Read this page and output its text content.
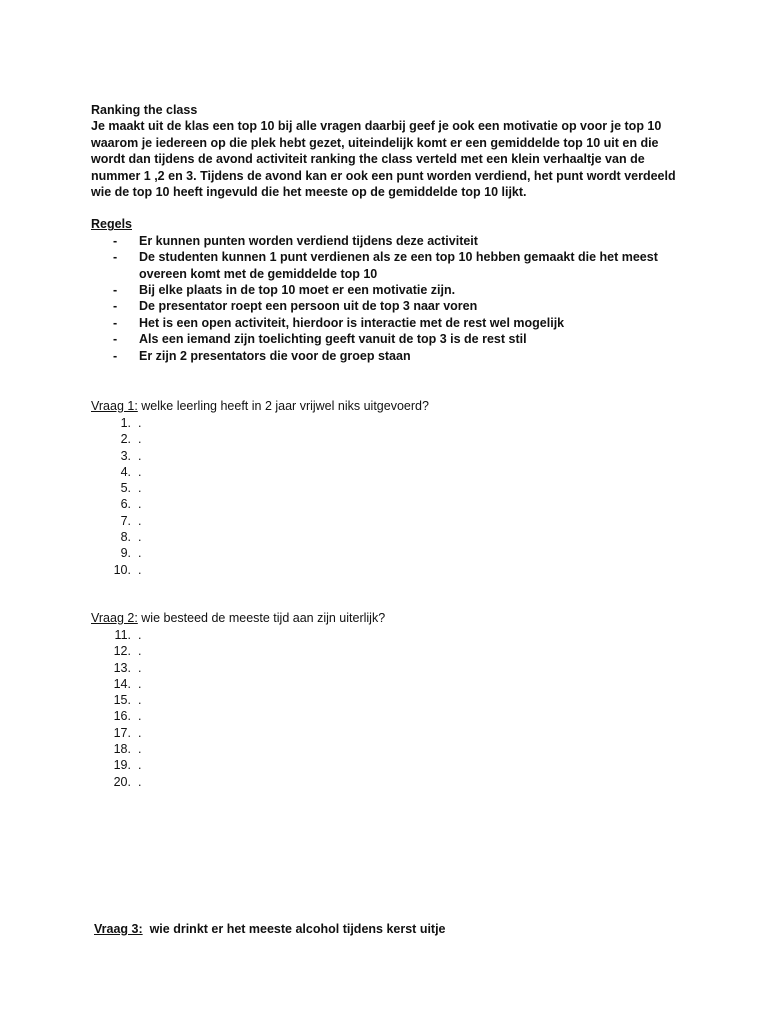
Ranking the class
Je maakt uit de klas een top 10 bij alle vragen daarbij geef je ook een motivatie op voor je top 10 waarom je iedereen op die plek hebt gezet, uiteindelijk komt er een gemiddelde top 10 uit en die wordt dan tijdens de avond activiteit ranking the class verteld met een klein verhaaltje van de nummer 1 ,2 en 3. Tijdens de avond kan er ook een punt worden verdiend, het punt wordt verdeeld wie de top 10 heeft ingevuld die het meeste op de gemiddelde top 10 lijkt.
Regels
- Er kunnen punten worden verdiend tijdens deze activiteit
- De studenten kunnen 1 punt verdienen als ze een top 10 hebben gemaakt die het meest overeen komt met de gemiddelde top 10
- Bij elke plaats in de top 10 moet er een motivatie zijn.
- De presentator roept een persoon uit de top 3 naar voren
- Het is een open activiteit, hierdoor is interactie met de rest wel mogelijk
- Als een iemand zijn toelichting geeft vanuit de top 3 is de rest stil
- Er zijn 2 presentators die voor de groep staan
Vraag 1: welke leerling heeft in 2 jaar vrijwel niks uitgevoerd?
1. .
2. .
3. .
4. .
5. .
6. .
7. .
8. .
9. .
10. .
Vraag 2: wie besteed de meeste tijd aan zijn uiterlijk?
11. .
12. .
13. .
14. .
15. .
16. .
17. .
18. .
19. .
20. .
Vraag 3:  wie drinkt er het meeste alcohol tijdens kerst uitje
